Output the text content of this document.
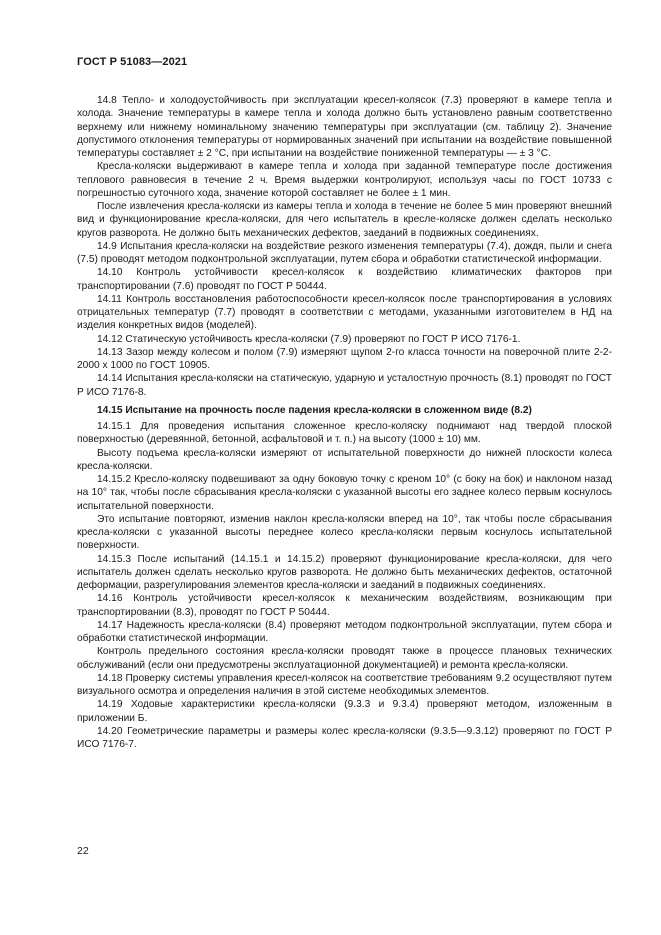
ГОСТ Р 51083—2021

14.8 Тепло- и холодоустойчивость при эксплуатации кресел-колясок (7.3) проверяют в камере тепла и холода. Значение температуры в камере тепла и холода должно быть установлено равным соответственно верхнему или нижнему номинальному значению температуры при эксплуатации (см. таблицу 2). Значение допустимого отклонения температуры от нормированных значений при испытании на воздействие повышенной температуры составляет ± 2 °С, при испытании на воздействие пониженной температуры — ± 3 °С.

Кресла-коляски выдерживают в камере тепла и холода при заданной температуре после достижения теплового равновесия в течение 2 ч. Время выдержки контролируют, используя часы по ГОСТ 10733 с погрешностью суточного хода, значение которой составляет не более ± 1 мин.

После извлечения кресла-коляски из камеры тепла и холода в течение не более 5 мин проверяют внешний вид и функционирование кресла-коляски, для чего испытатель в кресле-коляске должен сделать несколько кругов разворота. Не должно быть механических дефектов, заеданий в подвижных соединениях.

14.9 Испытания кресла-коляски на воздействие резкого изменения температуры (7.4), дождя, пыли и снега (7.5) проводят методом подконтрольной эксплуатации, путем сбора и обработки статистической информации.

14.10 Контроль устойчивости кресел-колясок к воздействию климатических факторов при транспортировании (7.6) проводят по ГОСТ Р 50444.

14.11 Контроль восстановления работоспособности кресел-колясок после транспортирования в условиях отрицательных температур (7.7) проводят в соответствии с методами, указанными изготовителем в НД на изделия конкретных видов (моделей).

14.12 Статическую устойчивость кресла-коляски (7.9) проверяют по ГОСТ Р ИСО 7176-1.

14.13 Зазор между колесом и полом (7.9) измеряют щупом 2-го класса точности на поверочной плите 2-2-2000 х 1000 по ГОСТ 10905.

14.14 Испытания кресла-коляски на статическую, ударную и усталостную прочность (8.1) проводят по ГОСТ Р ИСО 7176-8.

14.15 Испытание на прочность после падения кресла-коляски в сложенном виде (8.2)

14.15.1 Для проведения испытания сложенное кресло-коляску поднимают над твердой плоской поверхностью (деревянной, бетонной, асфальтовой и т. п.) на высоту (1000 ± 10) мм.

Высоту подъема кресла-коляски измеряют от испытательной поверхности до нижней плоскости колеса кресла-коляски.

14.15.2 Кресло-коляску подвешивают за одну боковую точку с креном 10° (с боку на бок) и наклоном назад на 10° так, чтобы после сбрасывания кресла-коляски с указанной высоты его заднее колесо первым коснулось испытательной поверхности.

Это испытание повторяют, изменив наклон кресла-коляски вперед на 10°, так чтобы после сбрасывания кресла-коляски с указанной высоты переднее колесо кресла-коляски первым коснулось испытательной поверхности.

14.15.3 После испытаний (14.15.1 и 14.15.2) проверяют функционирование кресла-коляски, для чего испытатель должен сделать несколько кругов разворота. Не должно быть механических дефектов, остаточной деформации, разрегулирования элементов кресла-коляски и заеданий в подвижных соединениях.

14.16 Контроль устойчивости кресел-колясок к механическим воздействиям, возникающим при транспортировании (8.3), проводят по ГОСТ Р 50444.

14.17 Надежность кресла-коляски (8.4) проверяют методом подконтрольной эксплуатации, путем сбора и обработки статистической информации.

Контроль предельного состояния кресла-коляски проводят также в процессе плановых технических обслуживаний (если они предусмотрены эксплуатационной документацией) и ремонта кресла-коляски.

14.18 Проверку системы управления кресел-колясок на соответствие требованиям 9.2 осуществляют путем визуального осмотра и определения наличия в этой системе необходимых элементов.

14.19 Ходовые характеристики кресла-коляски (9.3.3 и 9.3.4) проверяют методом, изложенным в приложении Б.

14.20 Геометрические параметры и размеры колес кресла-коляски (9.3.5—9.3.12) проверяют по ГОСТ Р ИСО 7176-7.

22
